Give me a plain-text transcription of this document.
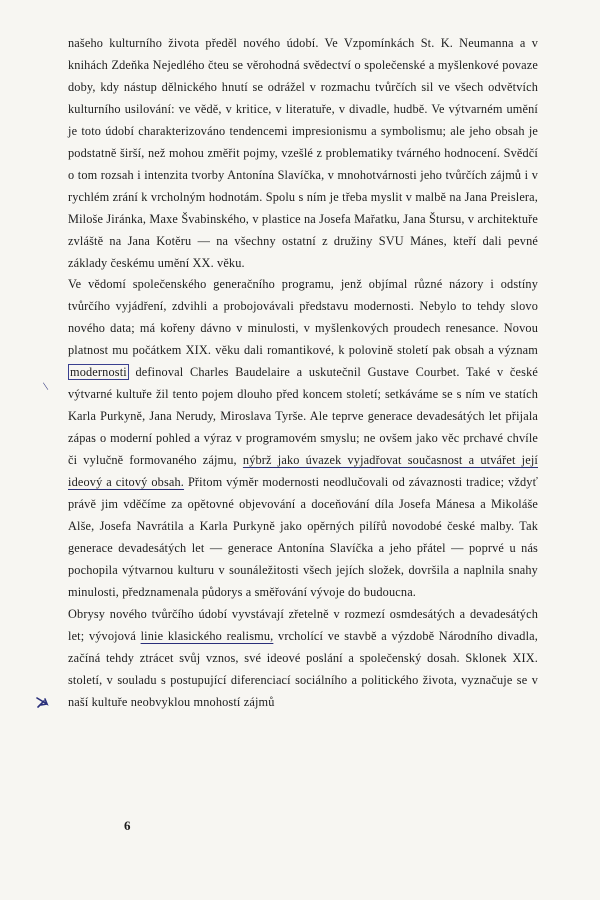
našeho kulturního života předěl nového údobí. Ve Vzpomínkách St. K. Neumanna a v knihách Zdeňka Nejedlého čteu se věrohodná svědectví o společenské a myšlenkové povaze doby, kdy nástup dělnického hnutí se odrážel v rozmachu tvůrčích sil ve všech odvětvích kulturního usilování: ve vědě, v kritice, v literatuře, v divadle, hudbě. Ve výtvarném umění je toto údobí charakterizováno tendencemi impresionismu a symbolismu; ale jeho obsah je podstatně širší, než mohou změřit pojmy, vzešlé z problematiky tvárného hodnocení. Svědčí o tom rozsah i intenzita tvorby Antonína Slavíčka, v mnohotvárnosti jeho tvůrčích zájmů i v rychlém zrání k vrcholným hodnotám. Spolu s ním je třeba myslit v malbě na Jana Preislera, Miloše Jiránka, Maxe Švabinského, v plastice na Josefa Mařatku, Jana Štursu, v architektuře zvláště na Jana Kotěru — na všechny ostatní z družiny SVU Mánes, kteří dali pevné základy českému umění XX. věku.

Ve vědomí společenského generačního programu, jenž objímal různé názory i odstíny tvůrčího vyjádření, zdvihli a probojovávali představu modernosti. Nebylo to tehdy slovo nového data; má kořeny dávno v minulosti, v myšlenkových proudech renesance. Novou platnost mu počátkem XIX. věku dali romantikové, k polovině století pak obsah a význam modernosti definoval Charles Baudelaire a uskutečnil Gustave Courbet. Také v české výtvarné kultuře žil tento pojem dlouho před koncem století; setkáváme se s ním ve statích Karla Purkyně, Jana Nerudy, Miroslava Tyrše. Ale teprve generace devadesátých let přijala zápas o moderní pohled a výraz v programovém smyslu; ne ovšem jako věc prchavé chvíle či vylučně formovaného zájmu, nýbrž jako úvazek vyjadřovat současnost a utvářet její ideový a citový obsah. Přitom výměr modernosti neodlučovali od závaznosti tradice; vždyť právě jim vděčíme za opětovné objevování a doceňování díla Josefa Mánesa a Mikoláše Alše, Josefa Navrátila a Karla Purkyně jako opěrných pilířů novodobé české malby. Tak generace devadesátých let — generace Antonína Slavíčka a jeho přátel — poprvé u nás pochopila výtvarnou kulturu v sounáležitosti všech jejích složek, dovršila a naplnila snahy minulosti, předznamenala půdorys a směřování vývoje do budoucna.

Obrysy nového tvůrčího údobí vyvstávají zřetelně v rozmezí osmdesátých a devadesátých let; vývojová linie klasického realismu, vrcholící ve stavbě a výzdobě Národního divadla, začíná tehdy ztrácet svůj vznos, své ideové poslání a společenský dosah. Sklonek XIX. století, v souladu s postupující diferenciací sociálního a politického života, vyznačuje se v naší kultuře neobvyklou mnohostí zájmů

\
6
